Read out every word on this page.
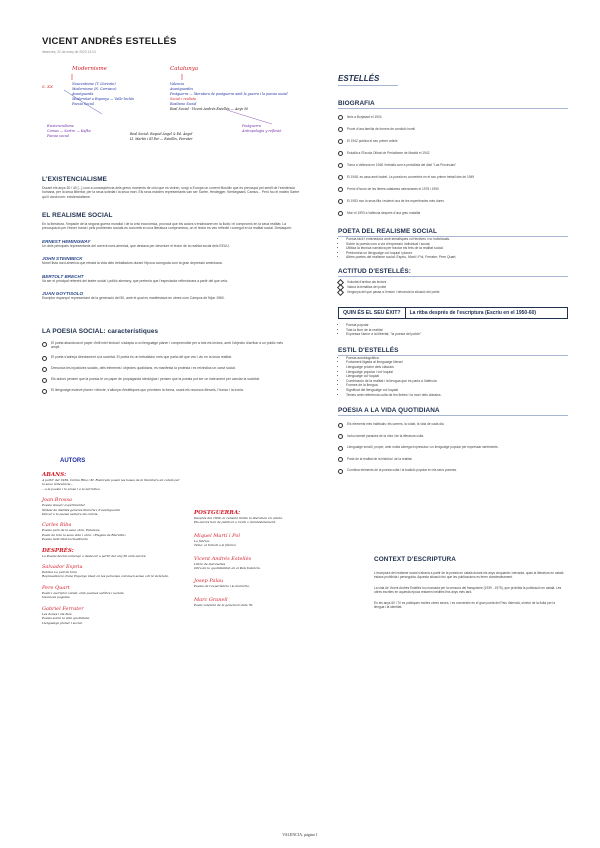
VICENT ANDRÉS ESTELLÉS
dimecres, 22 de març de 2023 13:13
Modernisme	Catalunya
S. XX	Noucentisme (T. Llorente)
Modernisme (N. Carrasco)
Avantguarda
Modernitat a Espanya — Valle-Inclán
Poesia Social
Valencia
Avantguardes
Postguerra — literatura de postguerra amb la guerra i la poesia social
Social i realista
Realisme Social
Real Social - Vicent Andrés Estellés — Anys 50
Existencialisme
Camus — Sartre — Kafka
Poesia social	Real Social: Raquel Ángel & Ed. Ángel
Ll. Martín i El Far — Estellés, Ferrater
Postguerra
Antropologia y reflexió
L'EXISTENCIALISME
Durant els anys 30 i 40 [...] com a conseqüència dels greus moments de crisi que es viviren, sorgí a Europa un corrent filosòfic que es preocupà pel sentit de l'existència humana, per la seua llibertat, per la seua soledat i la seua mort. Els seus màxims representants van ser Sartre, Heidegger, Kierkegaard, Camus... Però fou el mateix Sartre qui li donà nom: existencialisme.
EL REALISME SOCIAL
En la literatura, l'impacte de la segona guerra mundial i de la crisi econòmica, provocà que els autors s'endinsaren en la lluita i el compromís en la seua realitat. La preocupació per l'ésser humà i pels problemes socials es concretà en una literatura compromesa, on el lector es veu reflectit i conegut en la realitat social. Destaquen:
ERNEST HEMINGWAY
Un dels principals representants del corrent nord-americà, que destaca per descriure el lector de la realitat social dels EEUU.
JOHN STEINBECK
Novel·lista nord-americà que retratà la vida dels treballadors durant l'època coneguda com la gran depressió americana.
BERTOLT BRECHT
Va ser el principal referent del teatre social i polític alemany, que pretenia que l'espectador reflexionara a partir del que veia.
JUAN GOYTISOLO
Escriptor espanyol representant de la generació del 50, amb el qual es manifestava en obres com Campos de Níjar 1960.
LA POESIA SOCIAL: característiques
El poeta abandona el paper d'elit intel·lectual i s'adapta a un llenguatge planer i comprensible per a tots els lectors, amb l'objectiu d'arribar a un públic més ampli.
El poeta s'adreça directament a la societat. El poeta és un treballador més que parla del que veu i viu en la seua realitat.
Denuncia les injustícies socials, dels elements i objectes quotidians, es manifesta la protesta i es reivindica un canvi social.
Els autors pensen que la poesia té un paper de propaganda ideològica i pensen que la poesia pot ser un instrument per canviar la societat.
El llenguatge esdevé planer i directe, s'allunya d'estètiques que prioritzen la forma, usant els recursos literaris, l'humor i la ironia.
AUTORS
ABANS:
A partir del 1939, Carles Riba i M. Rodoreda posen les bases de la literatura en català per la seua rellevància...
...a la poesia i la prosa i a la narrativa.
Joan Brossa
Poesia visual i experimental
Síntesi de distints gèneres literaris i d'avantguarda
Deixar a la poesia sempre els canvis.
Carles Riba
Poesia pura de la seua obra, Estances
Poeta de tota la seua vida i obra: «Elegies de Bierville»
Poesia molt intel·lectualitzada
DESPRÉS:
La Poesia Social comença a destacar a partir del any 50 amb autors:
Salvador Espriu
Publica La pell de brau
Representació d'una Espanya ideal on les persones conviuen sense odi ni violència.
Pere Quart
Poeta i escriptor català, amb poemes satírics i socials.
Vacances pagades
Gabriel Ferrater
Les dones i els dies
Poesia sobre la vida quotidiana
Llenguatge planer i social.
POSTGUERRA:
Després del 1939, la censura limita la literatura en català.
Els autors han de publicar a l'exili o clandestinament.
Miquel Martí i Pol
La fàbrica
Tema: el treball a la fàbrica
Vicent Andrés Estellés
Llibre de meravelles
Obra de la quotidianitat en el País Valencià.
Josep Palau
Poesia de l'experiència i la memòria.
Marc Granell
Poeta valencià de la generació dels 70.
ESTELLÉS
BIOGRAFIA
Neix a Burjassot el 1924
Prové d'una família de forners de condició humil
El 1942 publica el seu primer article
Estudià a l'Escola Oficial de Periodisme de Madrid el 1942
Torna a València en 1948 i treballa com a periodista del diari "Las Provincias"
El 1948, es casa amb Isabel. La poesia es converteix en el seu primer treball des de 1949
Premi d'honor de les lletres catalanes valencianes el 1978 i 1990
El 1953 mor la seua filla i esdevé una de les experiències més dures
Morí el 1993 a València després d'una greu malaltia
POETA DEL REALISME SOCIAL
• Poesia fàcil i entenedora amb temàtiques col·lectives i no individuals.
• Sobre la poesia com a via d'expressió individual i social.
• Utilitza la tècnica narrativa per tractar els fets de la realitat social.
• Predomina un llenguatge col·loquial i planer.
• Altres poetes del realisme social: Espriu, Martí i Pol, Ferrater, Pere Quart.
ACTITUD D'ESTELLÉS:
Voluntat d'arribar als lectors
Valora la temàtica del poble
Vergonya del que passa a l'entorn i denuncia la situació del poble.
QUIN ÉS EL SEU ÈXIT?	La ritba després de l'escriptura (Escriu en el 1950-60)
• Poesia popular
• Tota la llum de la realitat
• Expressa l'amor a la llibertat, "la poesia del poble"
ESTIL D'ESTELLÉS
• Poesia autobiogràfica
• Fortament lligada al llenguatge literari
• Llenguatge pròxim dels clàssics
• Llenguatge popular i col·loquial
• Llenguatge col·loquial
• Combinació de la realitat i la llengua que es parla a València
• Formes de la llengua
• Significat del llenguatge col·loquial
• Temes amb referència culta de les lletres i la mort dels clàssics.
POESIA A LA VIDA QUOTIDIANA
Els elements més habituals: els carrers, la ciutat, la vida de cada dia.
Inclou també paraules de la vida i de la literatura culta.
Llenguatge senzill, proper, amb molta càrrega expressiva i un llenguatge popular per expressar sentiments.
Parla de la realitat de la història i de la realitat.
Combina elements de la poesia culta i la tradició popular en els seus poemes.
CONTEXT D'ESCRIPTURA
L'escriptura del realisme social s'aixecà a partir de la poesia en català durant els anys cinquanta i seixanta, quan la literatura en català estava prohibida i perseguida. Aquesta situació feu que les publicacions es feren clandestinament.
La vida de Vicent Andrés Estellés fou marcada per la censura del franquisme (1939 - 1975), que prohibia la publicació en català. Les obres escrites en aquesta època restaren inèdites fins anys més tard.
En els anys 60 i 70 es publiquen moltes obres seues, i es converteix en el gran poeta del País Valencià, símbol de la lluita per la llengua i la identitat.
VALENCIA, página 1
